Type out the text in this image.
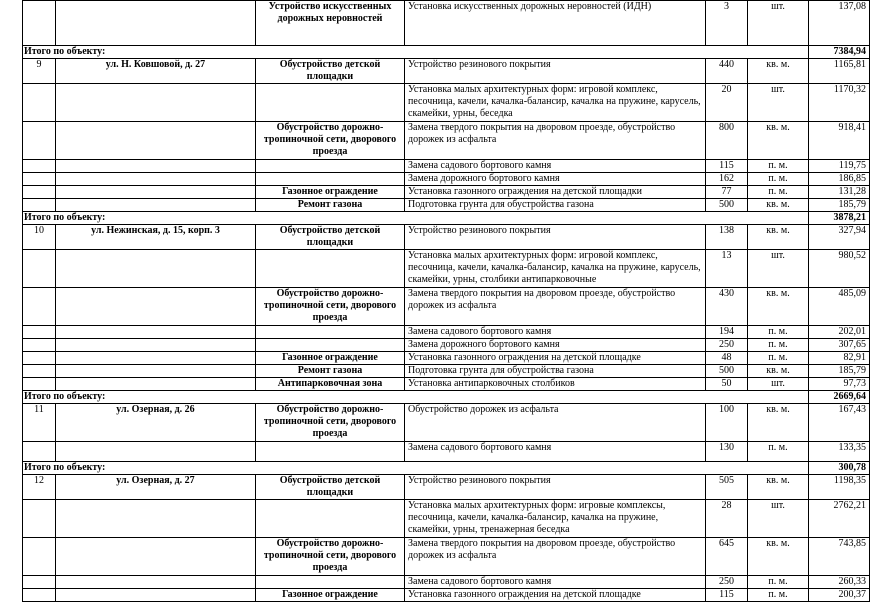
		Устройство искусственных дорожных неровностей	Установка искусственных дорожных неровностей (ИДН)	3	шт.	137,08
Итого по объекту:						7384,94
9	ул. Н. Ковшовой, д. 27	Обустройство детской площадки	Устройство резинового покрытия	440	кв. м.	1165,81
			Установка малых архитектурных форм: игровой комплекс, песочница, качели, качалка-балансир, качалка на пружине, карусель, скамейки, урны, беседка	20	шт.	1170,32
		Обустройство дорожно-тропиночной сети, дворового проезда	Замена твердого покрытия на дворовом проезде, обустройство дорожек из асфальта	800	кв. м.	918,41
			Замена садового бортового камня	115	п. м.	119,75
			Замена дорожного бортового камня	162	п. м.	186,85
		Газонное ограждение	Установка газонного ограждения на детской площадки	77	п. м.	131,28
		Ремонт газона	Подготовка грунта для обустройства газона	500	кв. м.	185,79
Итого по объекту:						3878,21
10	ул. Нежинская, д. 15, корп. 3	Обустройство детской площадки	Устройство резинового покрытия	138	кв. м.	327,94
			Установка малых архитектурных форм: игровой комплекс, песочница, качели, качалка-балансир, качалка на пружине, карусель, скамейки, урны, столбики антипарковочные	13	шт.	980,52
		Обустройство дорожно-тропиночной сети, дворового проезда	Замена твердого покрытия на дворовом проезде, обустройство дорожек из асфальта	430	кв. м.	485,09
			Замена садового бортового камня	194	п. м.	202,01
			Замена дорожного бортового камня	250	п. м.	307,65
		Газонное ограждение	Установка газонного ограждения на детской площадке	48	п. м.	82,91
		Ремонт газона	Подготовка грунта для обустройства газона	500	кв. м.	185,79
		Антипарковочная зона	Установка антипарковочных столбиков	50	шт.	97,73
Итого по объекту:						2669,64
11	ул. Озерная, д. 26	Обустройство дорожно-тропиночной сети, дворового проезда	Обустройство дорожек из асфальта	100	кв. м.	167,43
			Замена садового бортового камня	130	п. м.	133,35
Итого по объекту:						300,78
12	ул. Озерная, д. 27	Обустройство детской площадки	Устройство резинового покрытия	505	кв. м.	1198,35
			Установка малых архитектурных форм: игровые комплексы, песочница, качели, качалка-балансир, качалка на пружине, скамейки, урны, тренажерная беседка	28	шт.	2762,21
		Обустройство дорожно-тропиночной сети, дворового проезда	Замена твердого покрытия на дворовом проезде, обустройство дорожек из асфальта	645	кв. м.	743,85
			Замена садового бортового камня	250	п. м.	260,33
		Газонное ограждение	Установка газонного ограждения на детской площадке	115	п. м.	200,37
